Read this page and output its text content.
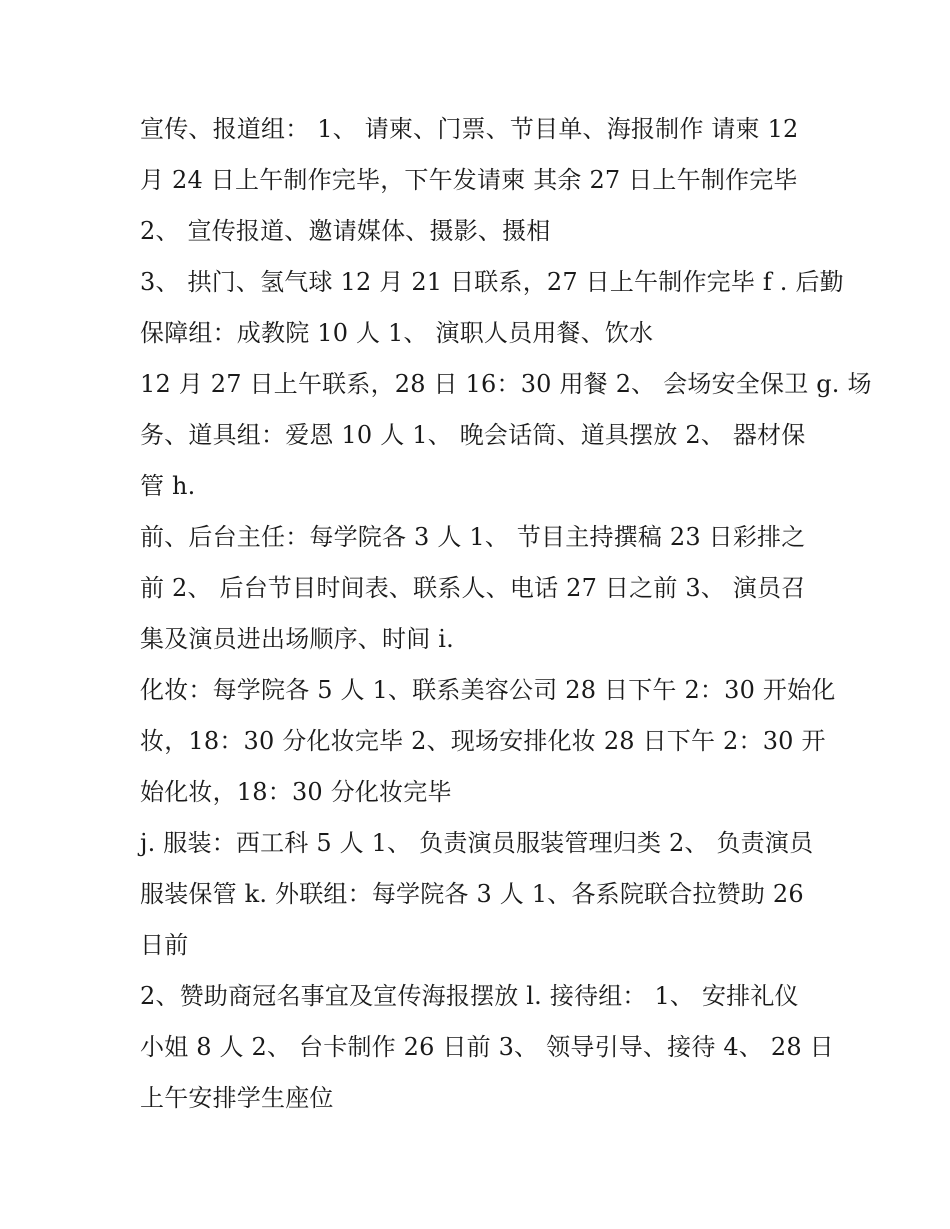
宣传、报道组： 1、 请柬、门票、节目单、海报制作 请柬 12
月 24 日上午制作完毕，下午发请柬 其余 27 日上午制作完毕
2、 宣传报道、邀请媒体、摄影、摄相
3、 拱门、氢气球 12 月 21 日联系，27 日上午制作完毕 f . 后勤
保障组：成教院 10 人 1、 演职人员用餐、饮水
12 月 27 日上午联系，28 日 16：30 用餐 2、 会场安全保卫 g. 场
务、道具组：爱恩 10 人 1、 晚会话筒、道具摆放 2、 器材保
管 h.
前、后台主任：每学院各 3 人 1、 节目主持撰稿 23 日彩排之
前 2、 后台节目时间表、联系人、电话 27 日之前 3、 演员召
集及演员进出场顺序、时间 i.
化妆：每学院各 5 人 1、联系美容公司 28 日下午 2：30 开始化
妆，18：30 分化妆完毕 2、现场安排化妆 28 日下午 2：30 开
始化妆，18：30 分化妆完毕
j. 服装：西工科 5 人 1、 负责演员服装管理归类 2、 负责演员
服装保管 k. 外联组：每学院各 3 人 1、各系院联合拉赞助 26
日前
2、赞助商冠名事宜及宣传海报摆放 l. 接待组： 1、 安排礼仪
小姐 8 人 2、 台卡制作 26 日前 3、 领导引导、接待 4、 28 日
上午安排学生座位
